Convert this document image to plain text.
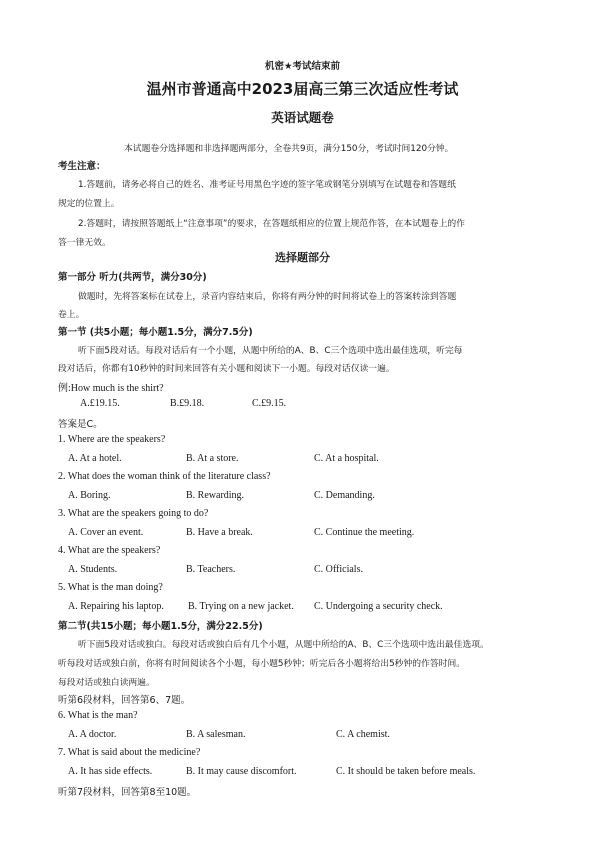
机密★考试结束前
温州市普通高中2023届高三第三次适应性考试
英语试题卷
本试题卷分选择题和非选择题两部分，全卷共9页，满分150分，考试时间120分钟。
考生注意：
1.答题前，请务必将自己的姓名、准考证号用黑色字迹的签字笔或钢笔分别填写在试题卷和答题纸
规定的位置上。
2.答题时，请按照答题纸上“注意事项”的要求，在答题纸相应的位置上规范作答，在本试题卷上的作
答一律无效。
选择题部分
第一部分 听力(共两节，满分30分)
做题时，先将答案标在试卷上，录音内容结束后，你将有两分钟的时间将试卷上的答案转涂到答题
卷上。
第一节 (共5小题；每小题1.5分，满分7.5分)
听下面5段对话。每段对话后有一个小题，从题中所给的A、B、C三个选项中选出最佳选项，听完每
段对话后，你都有10秒钟的时间来回答有关小题和阅读下一小题。每段对话仅读一遍。
例:How much is the shirt?
A.£19.15.	B.£9.18.	C.£9.15.
答案是C。
1. Where are the speakers?
A. At a hotel.	B. At a store.	C. At a hospital.
2. What does the woman think of the literature class?
A. Boring.	B. Rewarding.	C. Demanding.
3. What are the speakers going to do?
A. Cover an event.	B. Have a break.	C. Continue the meeting.
4. What are the speakers?
A. Students.	B. Teachers.	C. Officials.
5. What is the man doing?
A. Repairing his laptop. B. Trying on a new jacket. C. Undergoing a security check.
第二节(共15小题；每小题1.5分，满分22.5分)
听下面5段对话或独白。每段对话或独白后有几个小题，从题中所给的A、B、C三个选项中选出最佳选项。
听每段对话或独白前，你将有时间阅读各个小题，每小题5秒钟；听完后各小题将给出5秒钟的作答时间。
每段对话或独白读两遍。
听第6段材料，回答第6、7题。
6. What is the man?
A. A doctor.	B. A salesman.	C. A chemist.
7. What is said about the medicine?
A. It has side effects.	B. It may cause discomfort.	C. It should be taken before meals.
听第7段材料，回答第8至10题。
